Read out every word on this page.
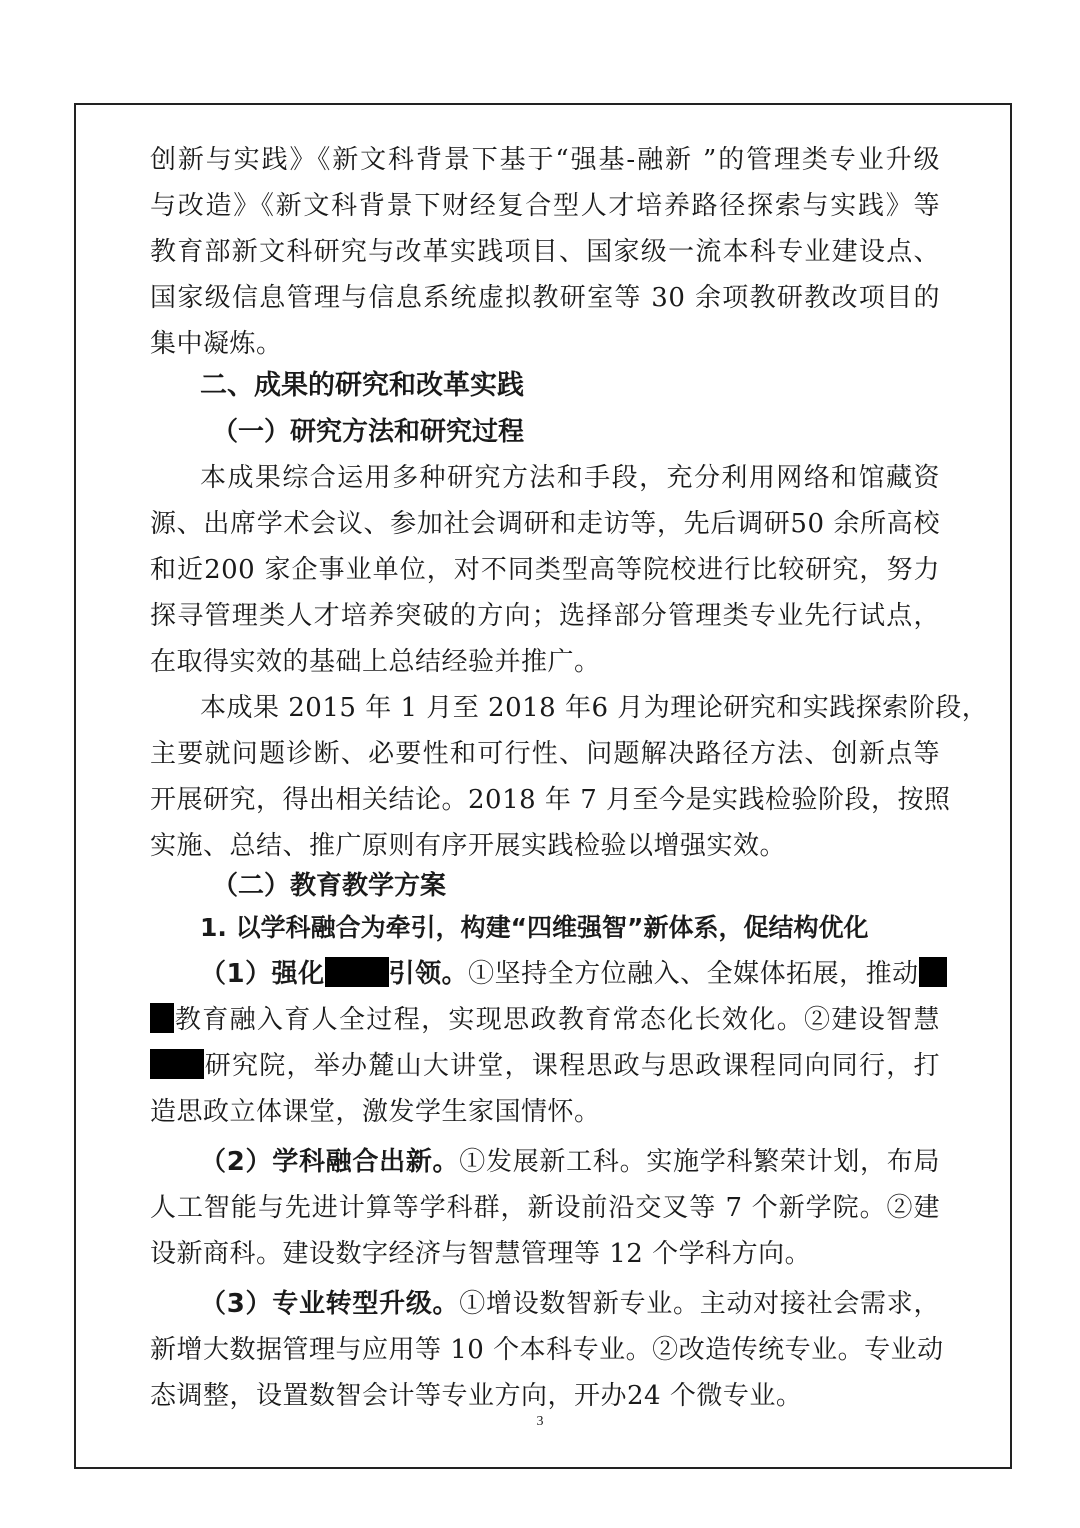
创新与实践》《新文科背景下基于“强基-融新 ”的管理类专业升级
与改造》《新文科背景下财经复合型人才培养路径探索与实践》等
教育部新文科研究与改革实践项目、国家级一流本科专业建设点、
国家级信息管理与信息系统虚拟教研室等 30 余项教研教改项目的
集中凝炼。
二、成果的研究和改革实践
（一）研究方法和研究过程
本成果综合运用多种研究方法和手段，充分利用网络和馆藏资
源、出席学术会议、参加社会调研和走访等，先后调研50 余所高校
和近200 家企事业单位，对不同类型高等院校进行比较研究，努力
探寻管理类人才培养突破的方向；选择部分管理类专业先行试点，
在取得实效的基础上总结经验并推广。
本成果 2015 年 1 月至 2018 年6 月为理论研究和实践探索阶段，
主要就问题诊断、必要性和可行性、问题解决路径方法、创新点等
开展研究，得出相关结论。2018 年 7 月至今是实践检验阶段，按照
实施、总结、推广原则有序开展实践检验以增强实效。
（二）教育教学方案
1. 以学科融合为牵引，构建“四维强智”新体系，促结构优化
（1）强化 引领。①坚持全方位融入、全媒体拓展，推动
教育融入育人全过程，实现思政教育常态化长效化。②建设智慧
研究院，举办麓山大讲堂，课程思政与思政课程同向同行，打
造思政立体课堂，激发学生家国情怀。
（2）学科融合出新。①发展新工科。实施学科繁荣计划，布局
人工智能与先进计算等学科群，新设前沿交叉等 7 个新学院。②建
设新商科。建设数字经济与智慧管理等 12 个学科方向。
（3）专业转型升级。①增设数智新专业。主动对接社会需求，
新增大数据管理与应用等 10 个本科专业。②改造传统专业。专业动
态调整，设置数智会计等专业方向，开办24 个微专业。
3
